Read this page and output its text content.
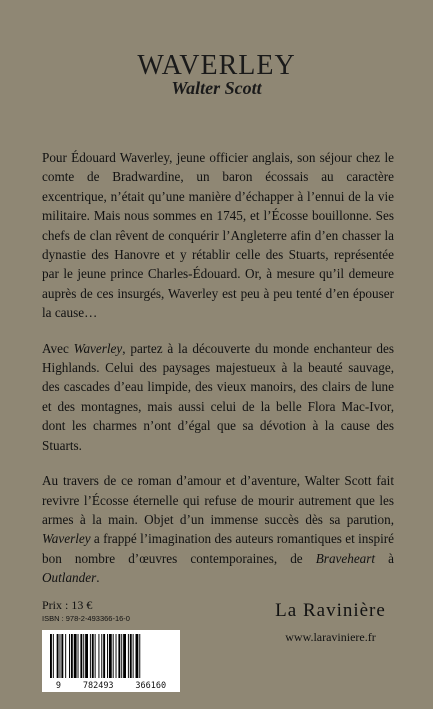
WAVERLEY
Walter Scott

Pour Édouard Waverley, jeune officier anglais, son séjour chez le comte de Bradwardine, un baron écossais au caractère excentrique, n’était qu’une manière d’échapper à l’ennui de la vie militaire. Mais nous sommes en 1745, et l’Écosse bouillonne. Ses chefs de clan rêvent de conquérir l’Angleterre afin d’en chasser la dynastie des Hanovre et y rétablir celle des Stuarts, représentée par le jeune prince Charles-Édouard. Or, à mesure qu’il demeure auprès de ces insurgés, Waverley est peu à peu tenté d’en épouser la cause…

Avec Waverley, partez à la découverte du monde enchanteur des Highlands. Celui des paysages majestueux à la beauté sauvage, des cascades d’eau limpide, des vieux manoirs, des clairs de lune et des montagnes, mais aussi celui de la belle Flora Mac-Ivor, dont les charmes n’ont d’égal que sa dévotion à la cause des Stuarts.

Au travers de ce roman d’amour et d’aventure, Walter Scott fait revivre l’Écosse éternelle qui refuse de mourir autrement que les armes à la main. Objet d’un immense succès dès sa parution, Waverley a frappé l’imagination des auteurs romantiques et inspiré bon nombre d’œuvres contemporaines, de Braveheart à Outlander.

Prix : 13 €
ISBN : 978-2-493366-16-0
9	782493	366160
La Ravinière
www.laraviniere.fr
